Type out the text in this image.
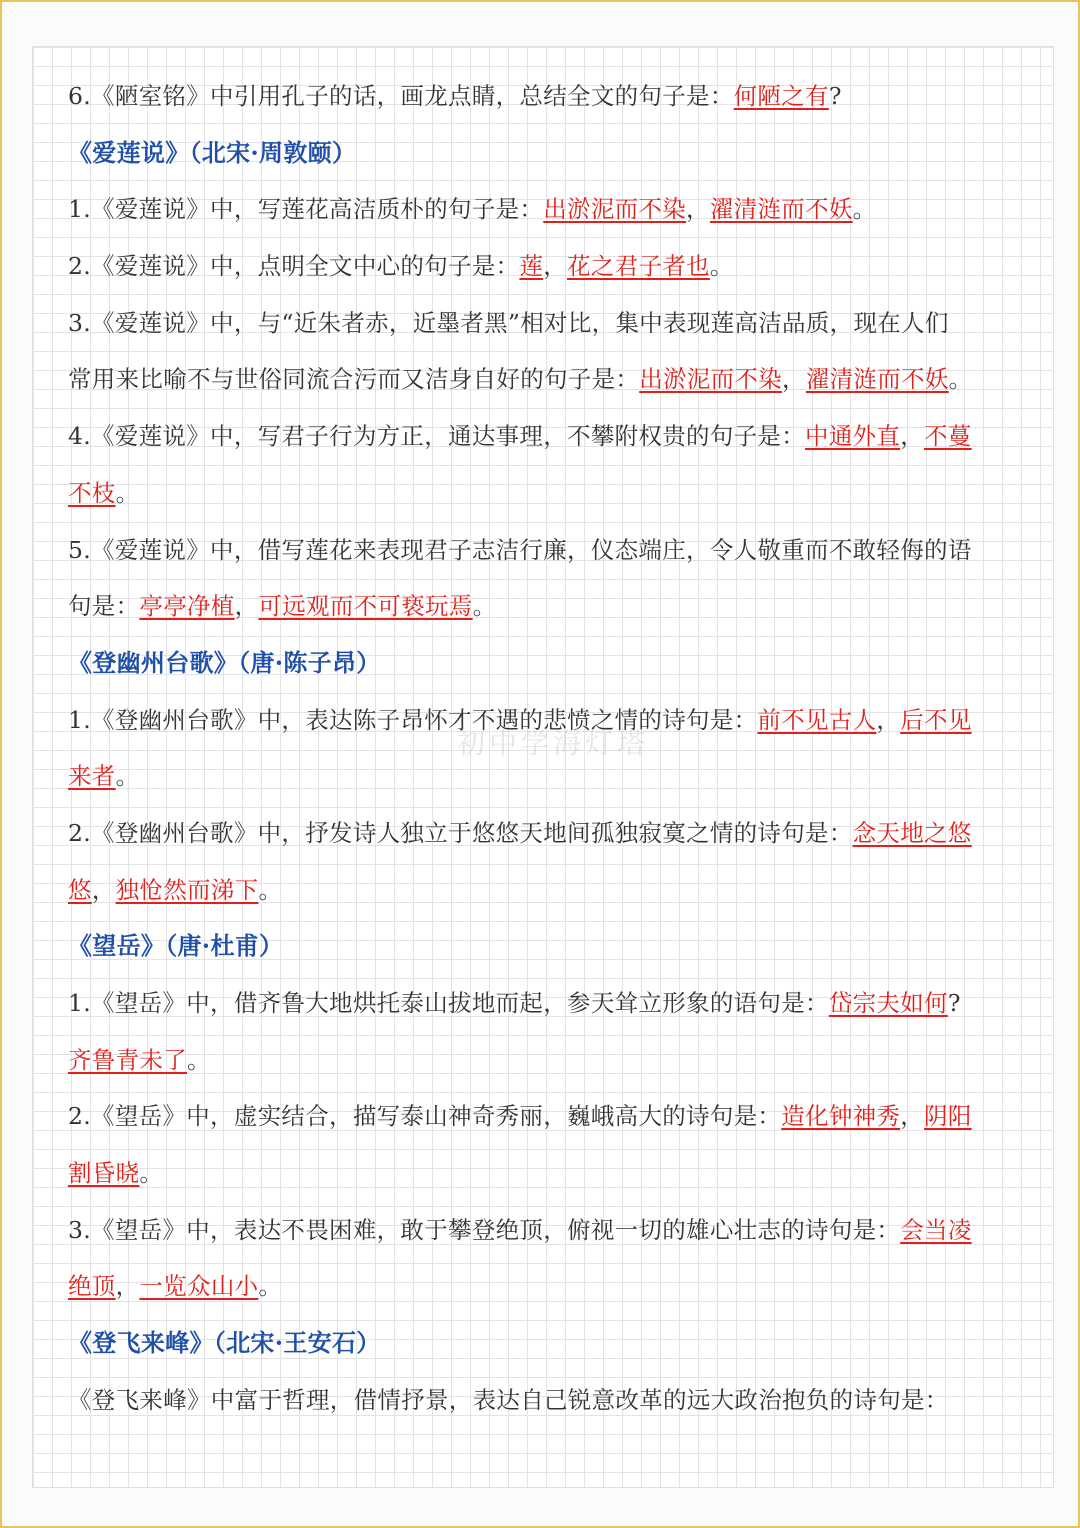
初中学海灯塔
6.《陋室铭》中引用孔子的话，画龙点睛，总结全文的句子是：何陋之有?
《爱莲说》（北宋·周敦颐）
1.《爱莲说》中，写莲花高洁质朴的句子是：出淤泥而不染，濯清涟而不妖。
2.《爱莲说》中，点明全文中心的句子是：莲，花之君子者也。
3.《爱莲说》中，与“近朱者赤，近墨者黑”相对比，集中表现莲高洁品质，现在人们
常用来比喻不与世俗同流合污而又洁身自好的句子是：出淤泥而不染，濯清涟而不妖。
4.《爱莲说》中，写君子行为方正，通达事理，不攀附权贵的句子是：中通外直，不蔓
不枝。
5.《爱莲说》中，借写莲花来表现君子志洁行廉，仪态端庄，令人敬重而不敢轻侮的语
句是：亭亭净植，可远观而不可亵玩焉。
《登幽州台歌》（唐·陈子昂）
1.《登幽州台歌》中，表达陈子昂怀才不遇的悲愤之情的诗句是：前不见古人，后不见
来者。
2.《登幽州台歌》中，抒发诗人独立于悠悠天地间孤独寂寞之情的诗句是：念天地之悠
悠，独怆然而涕下。
《望岳》（唐·杜甫）
1.《望岳》中，借齐鲁大地烘托泰山拔地而起，参天耸立形象的语句是：岱宗夫如何?
齐鲁青未了。
2.《望岳》中，虚实结合，描写泰山神奇秀丽，巍峨高大的诗句是：造化钟神秀，阴阳
割昏晓。
3.《望岳》中，表达不畏困难，敢于攀登绝顶，俯视一切的雄心壮志的诗句是：会当凌
绝顶，一览众山小。
《登飞来峰》（北宋·王安石）
《登飞来峰》中富于哲理，借情抒景，表达自己锐意改革的远大政治抱负的诗句是：
